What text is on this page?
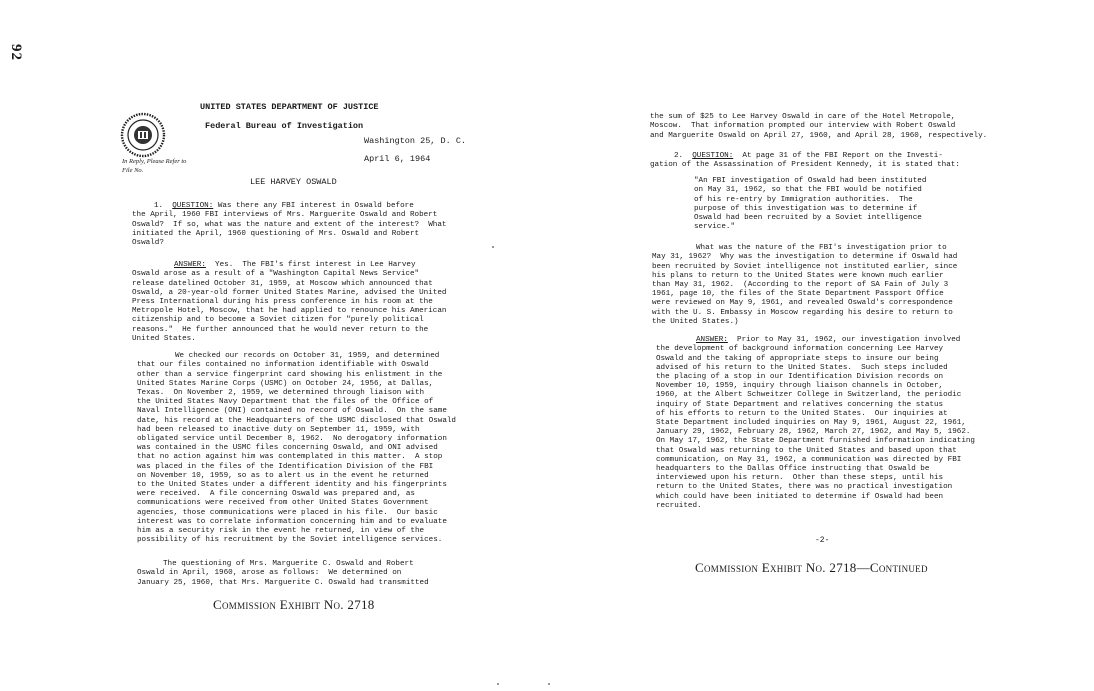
92
UNITED STATES DEPARTMENT OF JUSTICE
Federal Bureau of Investigation
Washington 25, D. C.
April 6, 1964
In Reply, Please Refer to
File No.
LEE HARVEY OSWALD

1.  QUESTION: Was there any FBI interest in Oswald before
the April, 1960 FBI interviews of Mrs. Marguerite Oswald and Robert
Oswald?  If so, what was the nature and extent of the interest?  What
initiated the April, 1960 questioning of Mrs. Oswald and Robert
Oswald?

ANSWER: Yes.  The FBI's first interest in Lee Harvey
Oswald arose as a result of a "Washington Capital News Service"
release datelined October 31, 1959, at Moscow which announced that
Oswald, a 20-year-old former United States Marine, advised the United
Press International during his press conference in his room at the
Metropole Hotel, Moscow, that he had applied to renounce his American
citizenship and to become a Soviet citizen for "purely political
reasons."  He further announced that he would never return to the
United States.

We checked our records on October 31, 1959, and determined
that our files contained no information identifiable with Oswald
other than a service fingerprint card showing his enlistment in the
United States Marine Corps (USMC) on October 24, 1956, at Dallas,
Texas.  On November 2, 1959, we determined through liaison with
the United States Navy Department that the files of the Office of
Naval Intelligence (ONI) contained no record of Oswald.  On the same
date, his record at the Headquarters of the USMC disclosed that Oswald
had been released to inactive duty on September 11, 1959, with
obligated service until December 8, 1962.  No derogatory information
was contained in the USMC files concerning Oswald, and ONI advised
that no action against him was contemplated in this matter.  A stop
was placed in the files of the Identification Division of the FBI
on November 10, 1959, so as to alert us in the event he returned
to the United States under a different identity and his fingerprints
were received.  A file concerning Oswald was prepared and, as
communications were received from other United States Government
agencies, those communications were placed in his file.  Our basic
interest was to correlate information concerning him and to evaluate
him as a security risk in the event he returned, in view of the
possibility of his recruitment by the Soviet intelligence services.

The questioning of Mrs. Marguerite C. Oswald and Robert
Oswald in April, 1960, arose as follows:  We determined on
January 25, 1960, that Mrs. Marguerite C. Oswald had transmitted
Commission Exhibit No. 2718

the sum of $25 to Lee Harvey Oswald in care of the Hotel Metropole,
Moscow.  That information prompted our interview with Robert Oswald
and Marguerite Oswald on April 27, 1960, and April 28, 1960, respectively.

2. QUESTION: At page 31 of the FBI Report on the Investi-
gation of the Assassination of President Kennedy, it is stated that:

"An FBI investigation of Oswald had been instituted
on May 31, 1962, so that the FBI would be notified
of his re-entry by Immigration authorities.  The
purpose of this investigation was to determine if
Oswald had been recruited by a Soviet intelligence
service."

What was the nature of the FBI's investigation prior to
May 31, 1962?  Why was the investigation to determine if Oswald had
been recruited by Soviet intelligence not instituted earlier, since
his plans to return to the United States were known much earlier
than May 31, 1962.  (According to the report of SA Fain of July 3
1961, page 10, the files of the State Department Passport Office
were reviewed on May 9, 1961, and revealed Oswald's correspondence
with the U. S. Embassy in Moscow regarding his desire to return to
the United States.)

ANSWER: Prior to May 31, 1962, our investigation involved
the development of background information concerning Lee Harvey
Oswald and the taking of appropriate steps to insure our being
advised of his return to the United States.  Such steps included
the placing of a stop in our Identification Division records on
November 10, 1959, inquiry through liaison channels in October,
1960, at the Albert Schweitzer College in Switzerland, the periodic
inquiry of State Department and relatives concerning the status
of his efforts to return to the United States.  Our inquiries at
State Department included inquiries on May 9, 1961, August 22, 1961,
January 29, 1962, February 28, 1962, March 27, 1962, and May 5, 1962.
On May 17, 1962, the State Department furnished information indicating
that Oswald was returning to the United States and based upon that
communication, on May 31, 1962, a communication was directed by FBI
headquarters to the Dallas Office instructing that Oswald be
interviewed upon his return.  Other than these steps, until his
return to the United States, there was no practical investigation
which could have been initiated to determine if Oswald had been
recruited.
-2-
Commission Exhibit No. 2718—Continued
